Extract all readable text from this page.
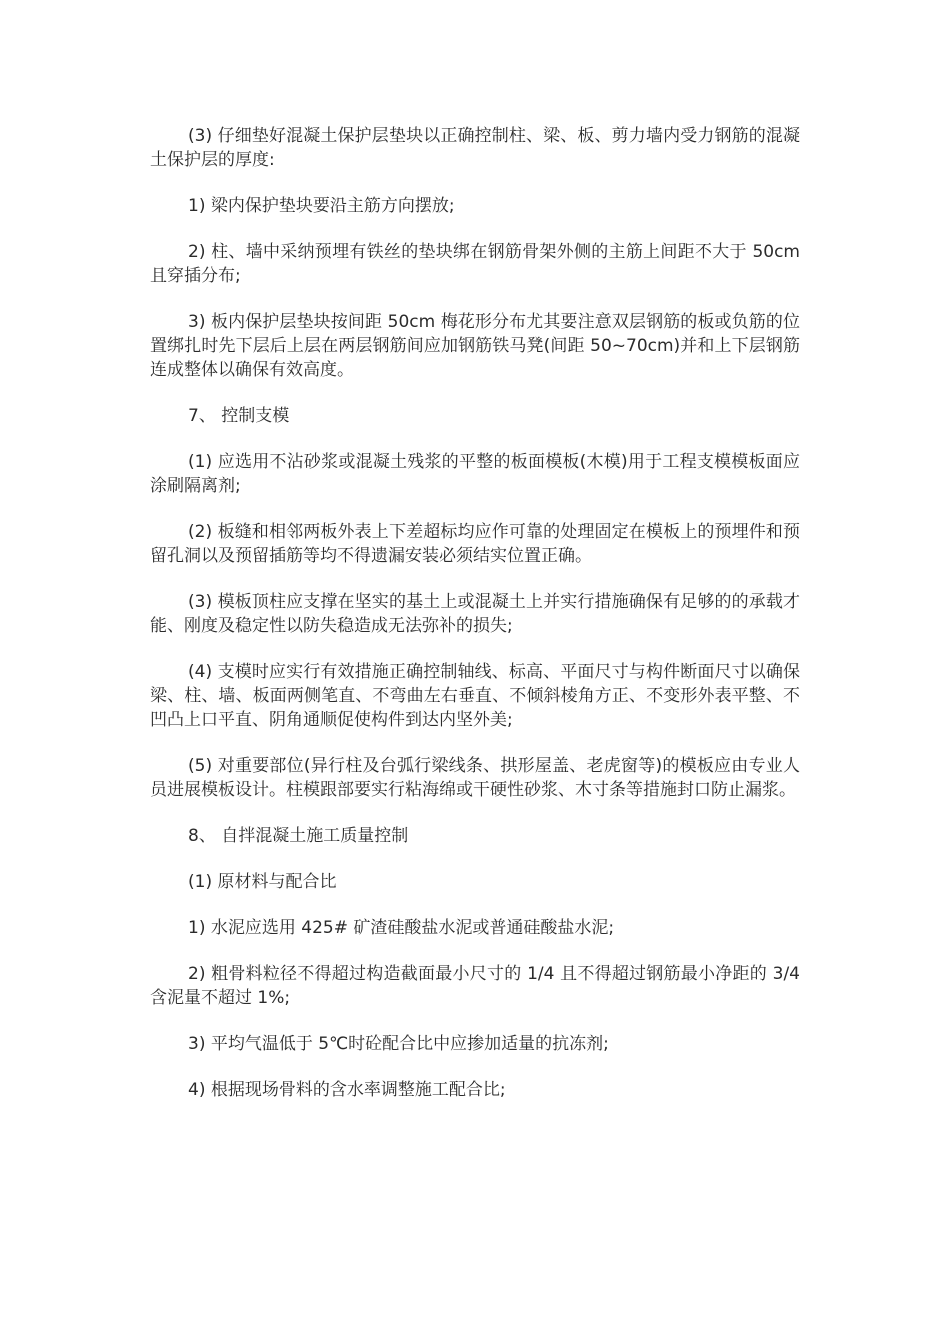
(3) 仔细垫好混凝土保护层垫块以正确控制柱、梁、板、剪力墙内受力钢筋的混凝土保护层的厚度:

1) 梁内保护垫块要沿主筋方向摆放;

2) 柱、墙中采纳预埋有铁丝的垫块绑在钢筋骨架外侧的主筋上间距不大于 50cm 且穿插分布;

3) 板内保护层垫块按间距 50cm 梅花形分布尤其要注意双层钢筋的板或负筋的位置绑扎时先下层后上层在两层钢筋间应加钢筋铁马凳(间距 50~70cm)并和上下层钢筋连成整体以确保有效高度。

7、 控制支模

(1) 应选用不沾砂浆或混凝土残浆的平整的板面模板(木模)用于工程支模模板面应涂刷隔离剂;

(2) 板缝和相邻两板外表上下差超标均应作可靠的处理固定在模板上的预埋件和预留孔洞以及预留插筋等均不得遗漏安装必须结实位置正确。

(3) 模板顶柱应支撑在坚实的基土上或混凝土上并实行措施确保有足够的的承载才能、刚度及稳定性以防失稳造成无法弥补的损失;

(4) 支模时应实行有效措施正确控制轴线、标高、平面尺寸与构件断面尺寸以确保梁、柱、墙、板面两侧笔直、不弯曲左右垂直、不倾斜棱角方正、不变形外表平整、不凹凸上口平直、阴角通顺促使构件到达内坚外美;

(5) 对重要部位(异行柱及台弧行梁线条、拱形屋盖、老虎窗等)的模板应由专业人员进展模板设计。柱模跟部要实行粘海绵或干硬性砂浆、木寸条等措施封口防止漏浆。

8、 自拌混凝土施工质量控制

(1) 原材料与配合比

1) 水泥应选用 425# 矿渣硅酸盐水泥或普通硅酸盐水泥;

2) 粗骨料粒径不得超过构造截面最小尺寸的 1/4 且不得超过钢筋最小净距的 3/4 含泥量不超过 1%;

3) 平均气温低于 5℃时砼配合比中应掺加适量的抗冻剂;

4) 根据现场骨料的含水率调整施工配合比;
